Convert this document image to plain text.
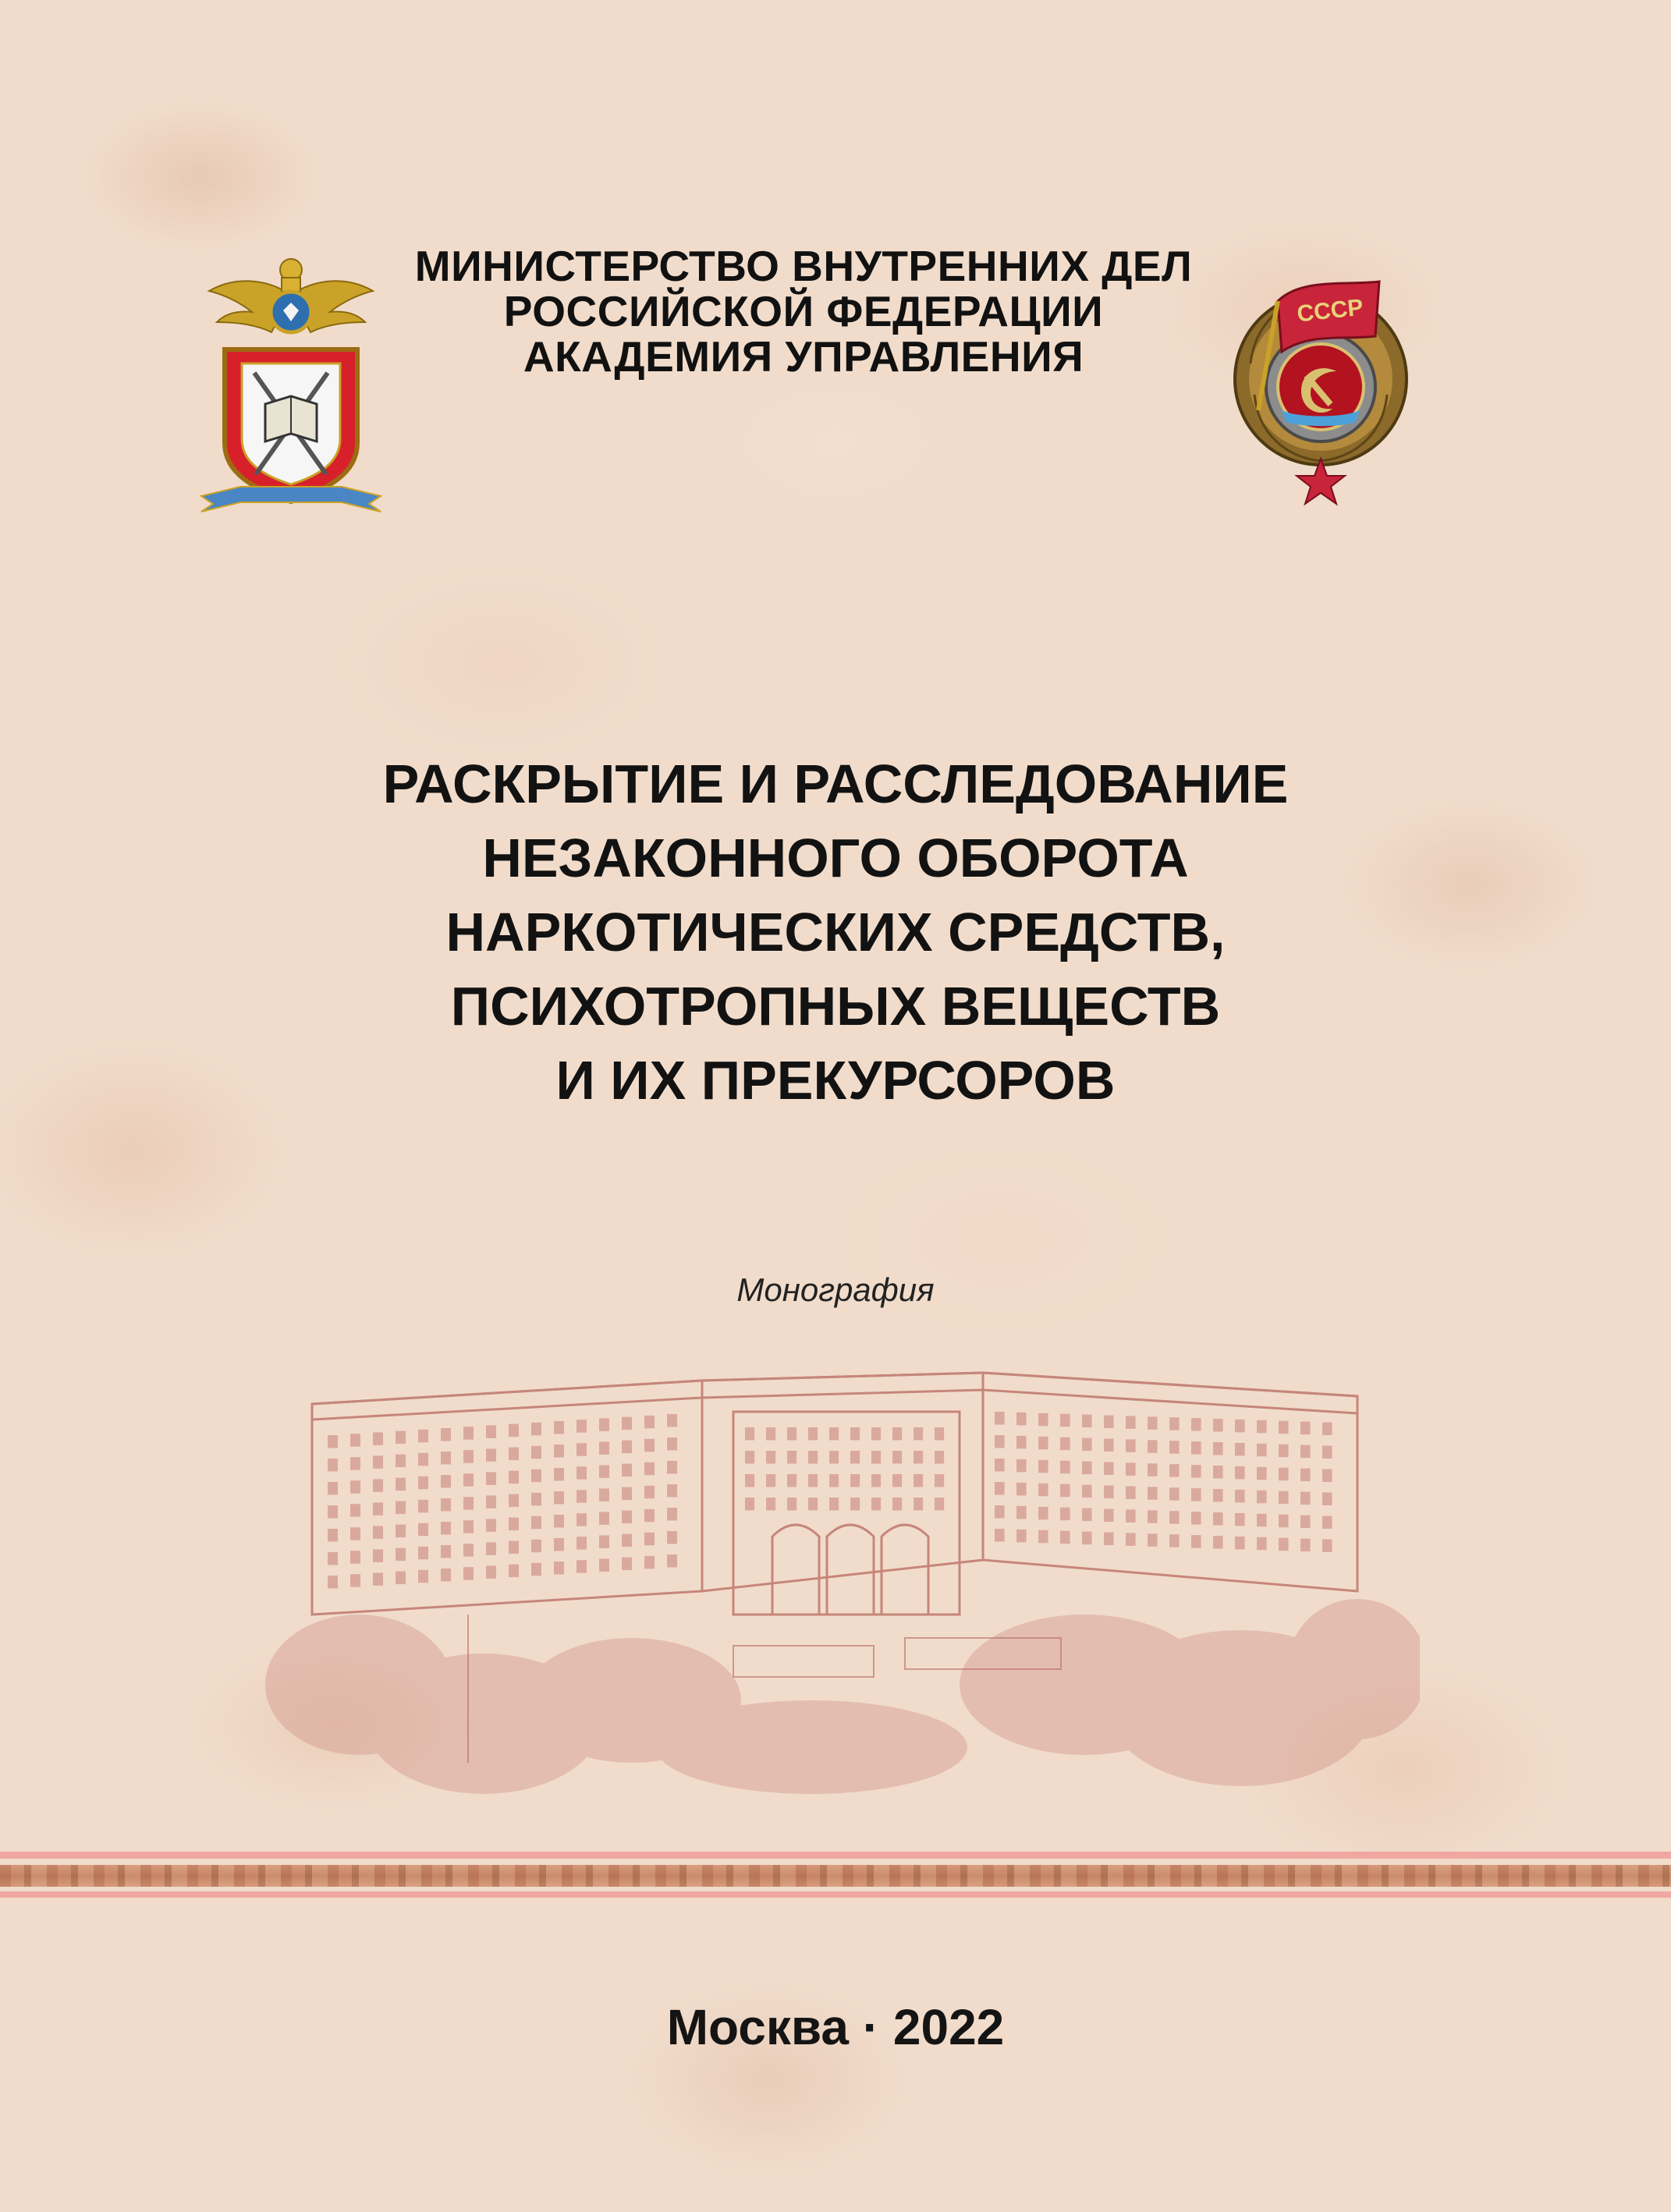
МИНИСТЕРСТВО ВНУТРЕННИХ ДЕЛ
РОССИЙСКОЙ ФЕДЕРАЦИИ
АКАДЕМИЯ УПРАВЛЕНИЯ
СССР
РАСКРЫТИЕ И РАССЛЕДОВАНИЕ
НЕЗАКОННОГО ОБОРОТА
НАРКОТИЧЕСКИХ СРЕДСТВ,
ПСИХОТРОПНЫХ ВЕЩЕСТВ
И ИХ ПРЕКУРСОРОВ
Монография
Москва · 2022
